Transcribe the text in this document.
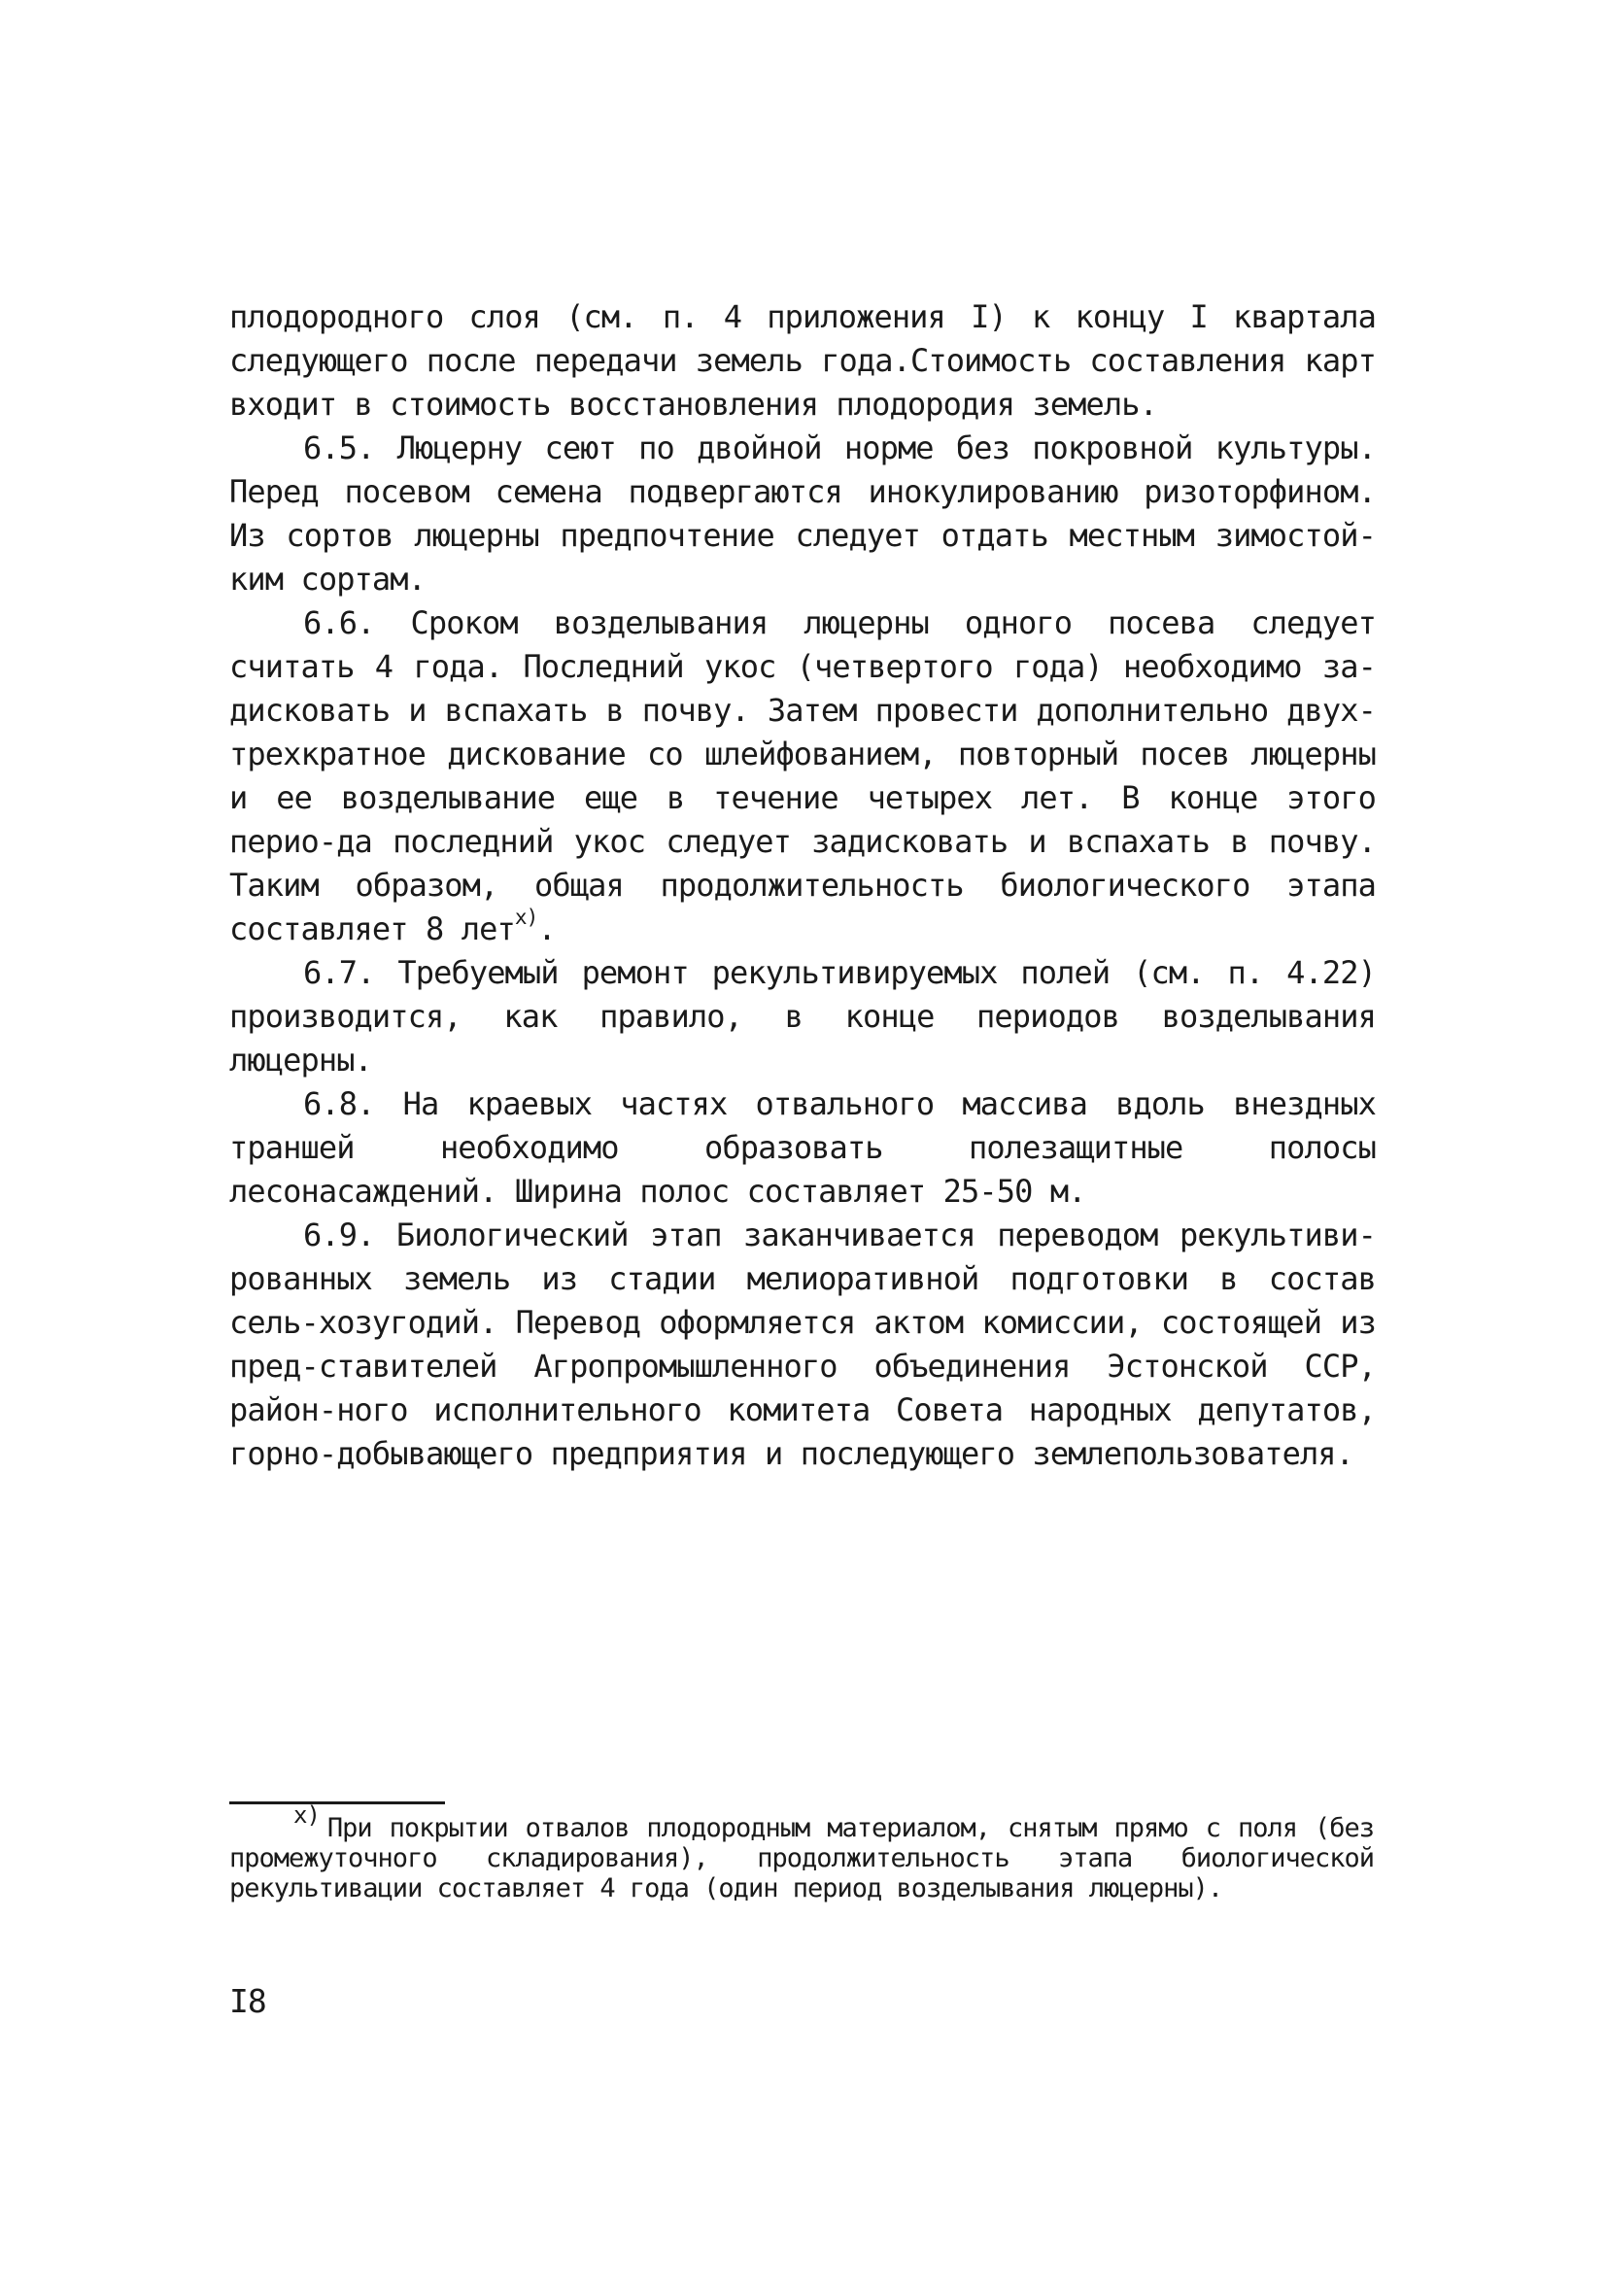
плодородного слоя (см. п. 4 приложения I) к концу I квартала следующего после передачи земель года.Стоимость составления карт входит в стоимость восстановления плодородия земель.

6.5. Люцерну сеют по двойной норме без покровной культуры. Перед посевом семена подвергаются инокулированию ризоторфином. Из сортов люцерны предпочтение следует отдать местным зимостой-ким сортам.

6.6. Сроком возделывания люцерны одного посева следует считать 4 года. Последний укос (четвертого года) необходимо за-дисковать и вспахать в почву. Затем провести дополнительно двух-трехкратное дискование со шлейфованием, повторный посев люцерны и ее возделывание еще в течение четырех лет. В конце этого перио-да последний укос следует задисковать и вспахать в почву. Таким образом, общая продолжительность биологического этапа составляет 8 лет$^{х)}$.

6.7. Требуемый ремонт рекультивируемых полей (см. п. 4.22) производится, как правило, в конце периодов возделывания люцерны.

6.8. На краевых частях отвального массива вдоль внездных траншей необходимо образовать полезащитные полосы лесонасаждений. Ширина полос составляет 25-50 м.

6.9. Биологический этап заканчивается переводом рекультиви-рованных земель из стадии мелиоративной подготовки в состав сель-хозугодий. Перевод оформляется актом комиссии, состоящей из пред-ставителей Агропромышленного объединения Эстонской ССР, район-ного исполнительного комитета Совета народных депутатов, горно-добывающего предприятия и последующего землепользователя.

$^{х)}$ При покрытии отвалов плодородным материалом, снятым прямо с поля (без промежуточного складирования), продолжительность этапа биологической рекультивации составляет 4 года (один период возделывания люцерны).
I8
